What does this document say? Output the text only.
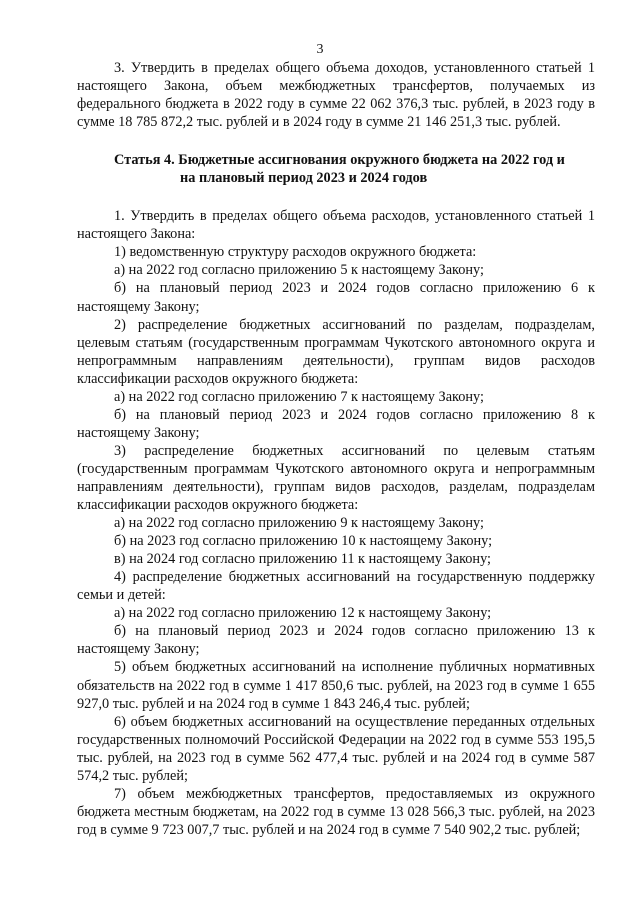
3

3. Утвердить в пределах общего объема доходов, установленного статьей 1 настоящего Закона, объем межбюджетных трансфертов, получаемых из федерального бюджета в 2022 году в сумме 22 062 376,3 тыс. рублей, в 2023 году в сумме 18 785 872,2 тыс. рублей и в 2024 году в сумме 21 146 251,3 тыс. рублей.

Статья 4. Бюджетные ассигнования окружного бюджета на 2022 год и
на плановый период 2023 и 2024 годов

1. Утвердить в пределах общего объема расходов, установленного статьей 1 настоящего Закона:

1) ведомственную структуру расходов окружного бюджета:

а) на 2022 год согласно приложению 5 к настоящему Закону;

б) на плановый период 2023 и 2024 годов согласно приложению 6 к настоящему Закону;

2) распределение бюджетных ассигнований по разделам, подразделам, целевым статьям (государственным программам Чукотского автономного округа и непрограммным направлениям деятельности), группам видов расходов классификации расходов окружного бюджета:

а) на 2022 год согласно приложению 7 к настоящему Закону;

б) на плановый период 2023 и 2024 годов согласно приложению 8 к настоящему Закону;

3) распределение бюджетных ассигнований по целевым статьям (государственным программам Чукотского автономного округа и непрограммным направлениям деятельности), группам видов расходов, разделам, подразделам классификации расходов окружного бюджета:

а) на 2022 год согласно приложению 9 к настоящему Закону;

б) на 2023 год согласно приложению 10 к настоящему Закону;

в) на 2024 год согласно приложению 11 к настоящему Закону;

4) распределение бюджетных ассигнований на государственную поддержку семьи и детей:

а) на 2022 год согласно приложению 12 к настоящему Закону;

б) на плановый период 2023 и 2024 годов согласно приложению 13 к настоящему Закону;

5) объем бюджетных ассигнований на исполнение публичных нормативных обязательств на 2022 год в сумме 1 417 850,6 тыс. рублей, на 2023 год в сумме 1 655 927,0 тыс. рублей и на 2024 год в сумме 1 843 246,4 тыс. рублей;

6) объем бюджетных ассигнований на осуществление переданных отдельных государственных полномочий Российской Федерации на 2022 год в сумме 553 195,5 тыс. рублей, на 2023 год в сумме 562 477,4 тыс. рублей и на 2024 год в сумме 587 574,2 тыс. рублей;

7) объем межбюджетных трансфертов, предоставляемых из окружного бюджета местным бюджетам, на 2022 год в сумме 13 028 566,3 тыс. рублей, на 2023 год в сумме 9 723 007,7 тыс. рублей и на 2024 год в сумме 7 540 902,2 тыс. рублей;
